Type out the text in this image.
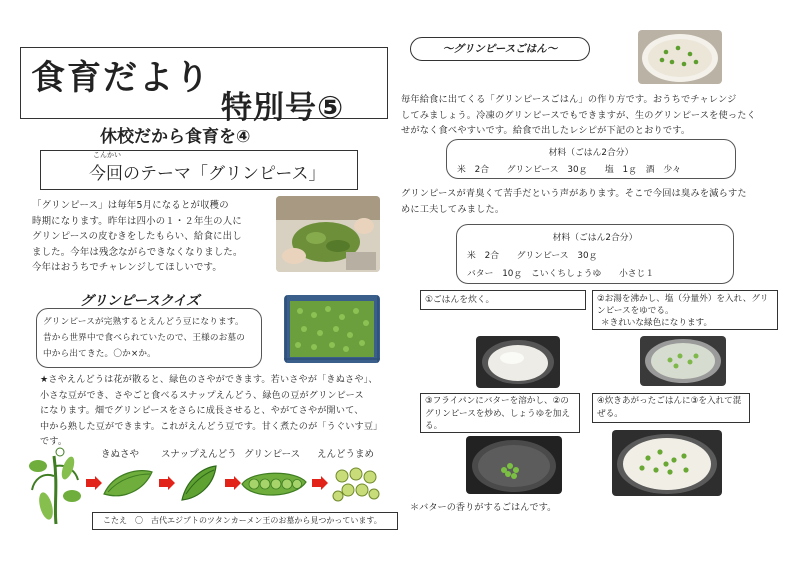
食育だより
特別号⑤
休校だから食育を④
こんかい
今回のテーマ「グリンピース」
「グリンピース」は毎年5月になるとが収穫の
時期になります。昨年は四小の１・２年生の人に
グリンピースの皮むきをしたもらい、給食に出し
ました。今年は残念ながらできなくなりました。
今年はおうちでチャレンジしてほしいです。
グリンピースクイズ
グリンピースが完熟するとえんどう豆になります。
昔から世界中で食べられていたので、王様のお墓の
中から出てきた。〇か×か。
★さやえんどうは花が散ると、緑色のさやができます。若いさやが「きぬさや」、
小さな豆ができ、さやごと食べるスナップえんどう、緑色の豆がグリンピース
になります。畑でグリンピースをさらに成長させると、やがてさやが開いて、
中から熟した豆ができます。これがえんどう豆です。甘く煮たのが「うぐいす豆」
です。
きぬさや スナップえんどう グリンピース えんどうまめ
こたえ　〇　古代エジプトのツタンカーメン王のお墓から見つかっています。
～グリンピースごはん～
毎年給食に出てくる「グリンピースごはん」の作り方です。おうちでチャレンジ
してみましょう。冷凍のグリンピースでもできますが、生のグリンピースを使ったく
せがなく食べやすいです。給食で出したレシピが下記のとおりです。
材料（ごはん2合分）
米　2合　　グリンピース　30ｇ　　塩　1ｇ　酒　少々
グリンピースが青臭くて苦手だという声があります。そこで今回は臭みを減らすた
めに工夫してみました。
材料（ごはん2合分）
米　2合　　グリンピース　30ｇ
バター　10ｇ　こいくちしょうゆ　　小さじ１
①ごはんを炊く。	②お湯を沸かし、塩（分量外）を入れ、グリンピースをゆでる。
＊きれいな緑色になります。
③フライパンにバターを溶かし、②のグリンピースを炒め、しょうゆを加える。
④炊きあがったごはんに③を入れて混ぜる。
＊バターの香りがするごはんです。
